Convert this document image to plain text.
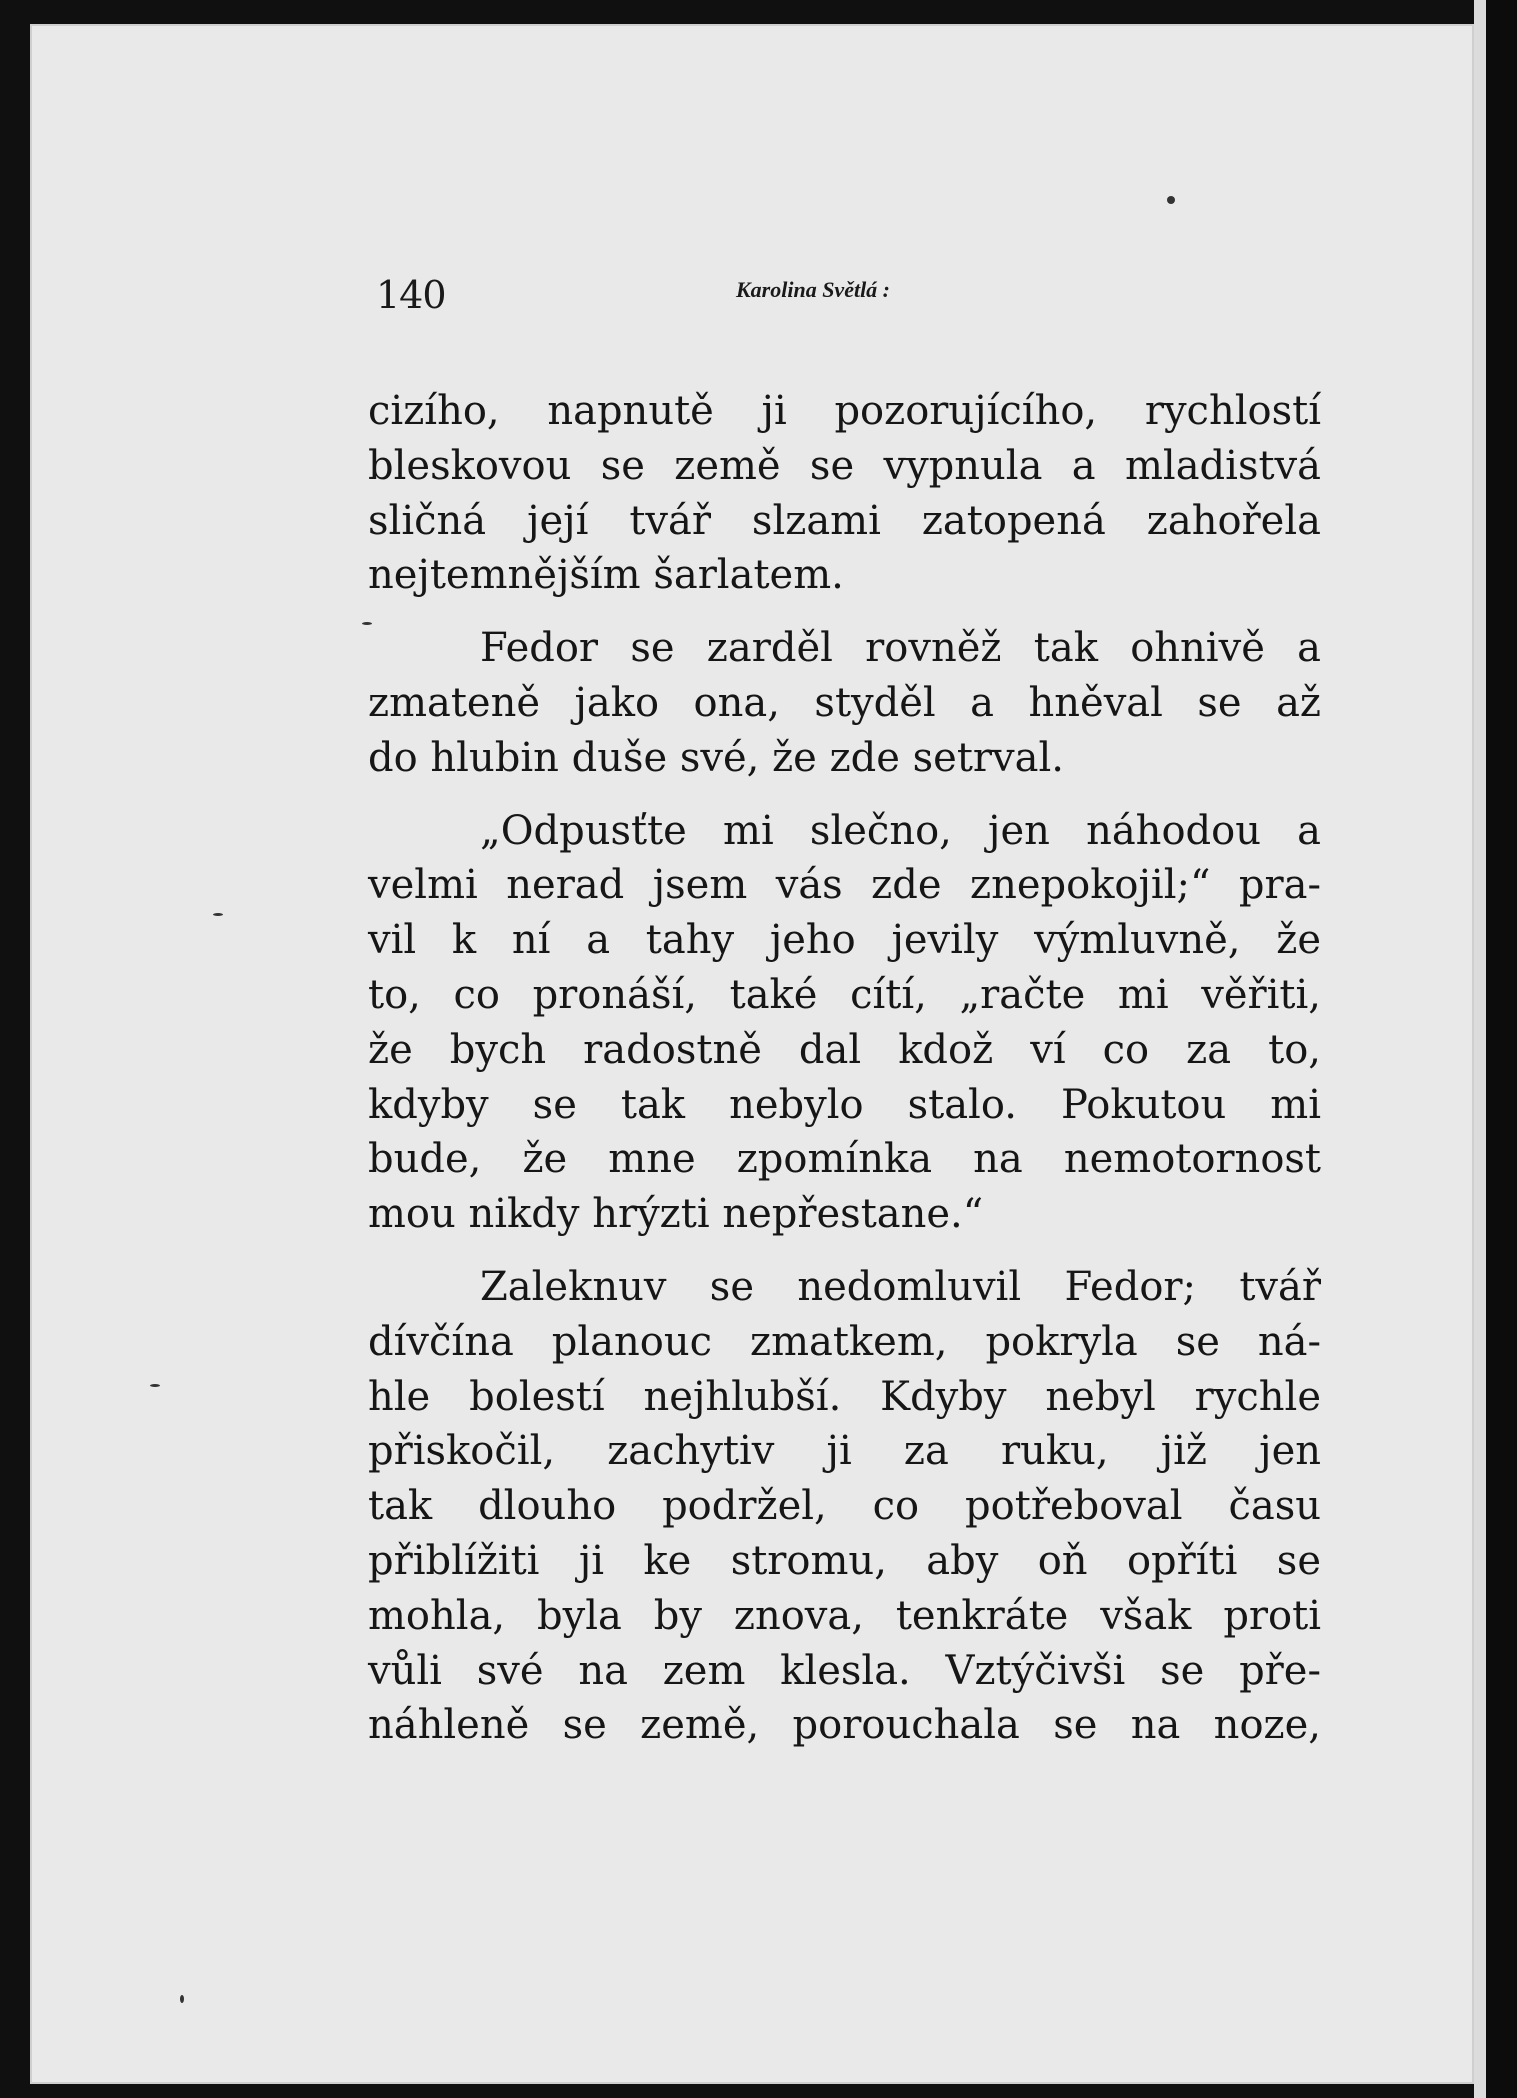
140	Karolina Světlá :
cizího, napnutě ji pozorujícího, rychlostí
bleskovou se země se vypnula a mladistvá
sličná její tvář slzami zatopená zahořela
nejtemnějším šarlatem.
Fedor se zarděl rovněž tak ohnivě a
zmateně jako ona, styděl a hněval se až
do hlubin duše své, že zde setrval.
„Odpusťte mi slečno, jen náhodou a
velmi nerad jsem vás zde znepokojil;“ pra-
vil k ní a tahy jeho jevily výmluvně, že
to, co pronáší, také cítí, „račte mi věřiti,
že bych radostně dal kdož ví co za to,
kdyby se tak nebylo stalo. Pokutou mi
bude, že mne zpomínka na nemotornost
mou nikdy hrýzti nepřestane.“
Zaleknuv se nedomluvil Fedor; tvář
dívčína planouc zmatkem, pokryla se ná-
hle bolestí nejhlubší. Kdyby nebyl rychle
přiskočil, zachytiv ji za ruku, již jen
tak dlouho podržel, co potřeboval času
přiblížiti ji ke stromu, aby oň opříti se
mohla, byla by znova, tenkráte však proti
vůli své na zem klesla. Vztýčivši se pře-
náhleně se země, porouchala se na noze,
